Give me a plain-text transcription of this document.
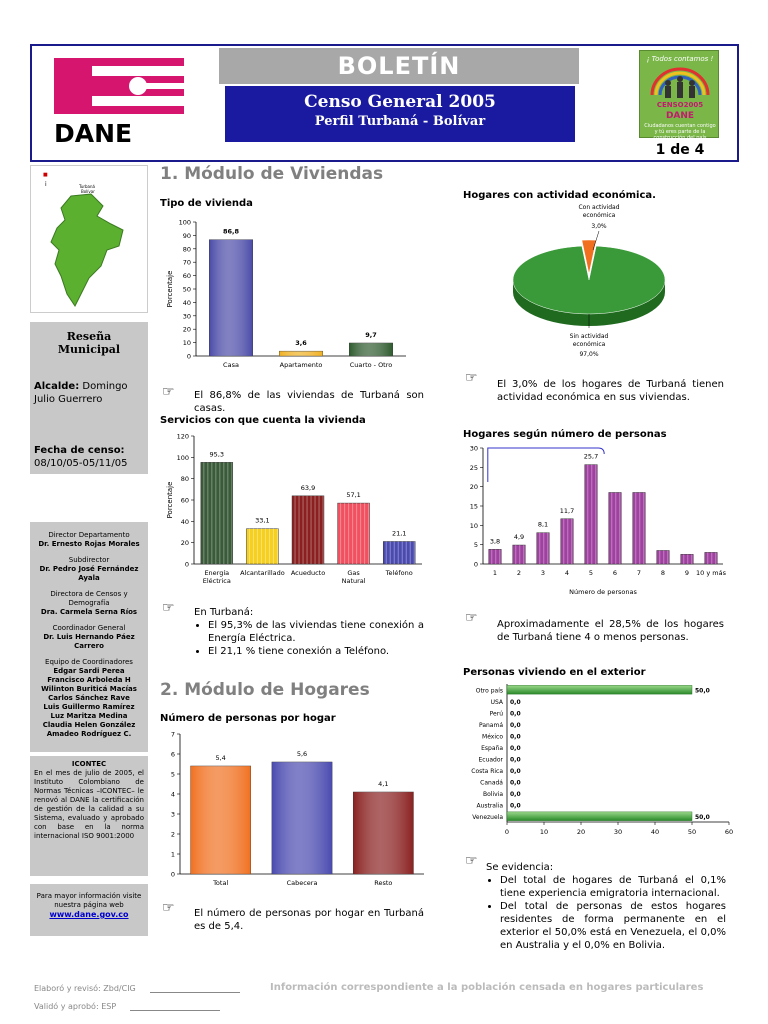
DANE
BOLETÍN
Censo General 2005
Perfil Turbaná - Bolívar
¡ Todos contamos !
CENSO2005
DANE
Ciudadanos cuentan contigo y tú eres parte de la construcción del país
1 de 4
■
i	Turbaná
Bolívar
Reseña Municipal
Alcalde: Domingo Julio Guerrero
Fecha de censo:
08/10/05-05/11/05
Director Departamento
Dr. Ernesto Rojas Morales
Subdirector
Dr. Pedro José Fernández Ayala
Directora de Censos y Demografía
Dra. Carmela Serna Ríos
Coordinador General
Dr. Luis Hernando Páez Carrero
Equipo de Coordinadores
Edgar Sardi Perea
Francisco Arboleda H
Wilinton Buriticá Macías
Carlos Sánchez Rave
Luis Guillermo Ramírez
Luz Maritza Medina
Claudia Helen González
Amadeo Rodríguez C.
ICONTEC
En el mes de julio de 2005, el Instituto Colombiano de Normas Técnicas –ICONTEC– le renovó al DANE la certificación de gestión de la calidad a su Sistema, evaluado y aprobado con base en la norma internacional ISO 9001:2000
Para mayor información visite nuestra página web
www.dane.gov.co
1. Módulo de Viviendas
Tipo de vivienda
0
10
20
30
40
50
60
70
80
90
100
Porcentaje
86,8
Casa
3,6
Apartamento
9,7
Cuarto - Otro
☞ El 86,8% de las viviendas de Turbaná son casas.
Servicios con que cuenta la vivienda
0
20
40
60
80
100
120
Porcentaje
95,3
Energía
Eléctrica
33,1
Alcantarillado
63,9
Acueducto
57,1
Gas
Natural
21,1
Teléfono
☞ En Turbaná:
• El 95,3% de las viviendas tiene conexión a Energía Eléctrica.
• El 21,1 % tiene conexión a Teléfono.
2. Módulo de Hogares
Número de personas por hogar
0
1
2
3
4
5
6
7
5,4
Total
5,6
Cabecera
4,1
Resto
☞ El número de personas por hogar en Turbaná es de 5,4.
Hogares con actividad económica.
Con actividad
económica
3,0%
Sin actividad
económica
97,0%
☞ El 3,0% de los hogares de Turbaná tienen actividad económica en sus viviendas.
Hogares según número de personas
0
5
10
15
20
25
30
3,8
1
4,9
2
8,1
3
11,7
4
25,7
5	6	7	8	9 10 y más
Número de personas
☞ Aproximadamente el 28,5% de los hogares de Turbaná tiene 4 o menos personas.
Personas viviendo en el exterior
0	10	20	30	40	50	60
Otro país	50,0
USA 0,0
Perú 0,0
Panamá 0,0
México 0,0
España 0,0
Ecuador 0,0
Costa Rica 0,0
Canadá 0,0
Bolivia 0,0
Australia 0,0
Venezuela	50,0
☞ Se evidencia:
• Del total de hogares de Turbaná el 0,1% tiene experiencia emigratoria internacional.
• Del total de personas de estos hogares residentes de forma permanente en el exterior el 50,0% está en Venezuela, el 0,0% en Australia y el 0,0% en Bolivia.
Elaboró y revisó: Zbd/CIG
Validó y aprobó: ESP
Información correspondiente a la población censada en hogares particulares
